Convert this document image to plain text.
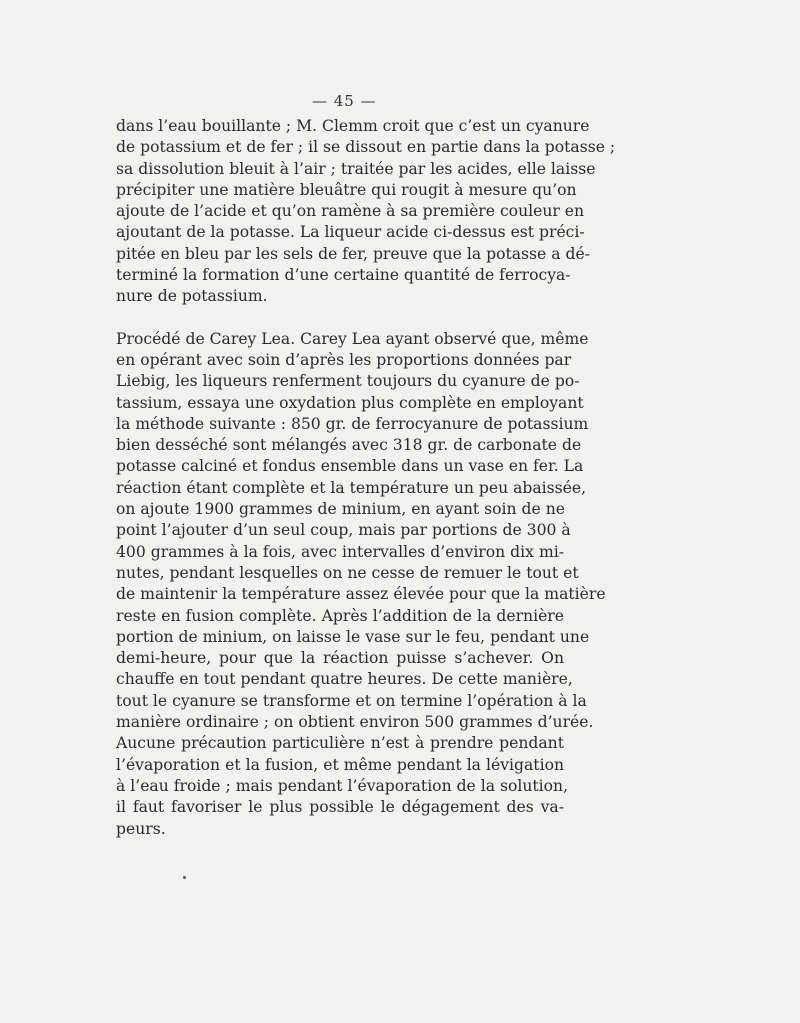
— 45 —
dans l’eau bouillante ; M. Clemm croit que c’est un cyanure
de potassium et de fer ; il se dissout en partie dans la potasse ;
sa dissolution bleuit à l’air ; traitée par les acides, elle laisse
précipiter une matière bleuâtre qui rougit à mesure qu’on
ajoute de l’acide et qu’on ramène à sa première couleur en
ajoutant de la potasse. La liqueur acide ci-dessus est préci-
pitée en bleu par les sels de fer, preuve que la potasse a dé-
terminé la formation d’une certaine quantité de ferrocya-
nure de potassium.
Procédé de Carey Lea. Carey Lea ayant observé que, même
en opérant avec soin d’après les proportions données par
Liebig, les liqueurs renferment toujours du cyanure de po-
tassium, essaya une oxydation plus complète en employant
la méthode suivante : 850 gr. de ferrocyanure de potassium
bien desséché sont mélangés avec 318 gr. de carbonate de
potasse calciné et fondus ensemble dans un vase en fer. La
réaction étant complète et la température un peu abaissée,
on ajoute 1900 grammes de minium, en ayant soin de ne
point l’ajouter d’un seul coup, mais par portions de 300 à
400 grammes à la fois, avec intervalles d’environ dix mi-
nutes, pendant lesquelles on ne cesse de remuer le tout et
de maintenir la température assez élevée pour que la matière
reste en fusion complète. Après l’addition de la dernière
portion de minium, on laisse le vase sur le feu, pendant une
demi-heure, pour que la réaction puisse s’achever. On
chauffe en tout pendant quatre heures. De cette manière,
tout le cyanure se transforme et on termine l’opération à la
manière ordinaire ; on obtient environ 500 grammes d’urée.
Aucune précaution particulière n’est à prendre pendant
l’évaporation et la fusion, et même pendant la lévigation
à l’eau froide ; mais pendant l’évaporation de la solution,
il faut favoriser le plus possible le dégagement des va-
peurs.
